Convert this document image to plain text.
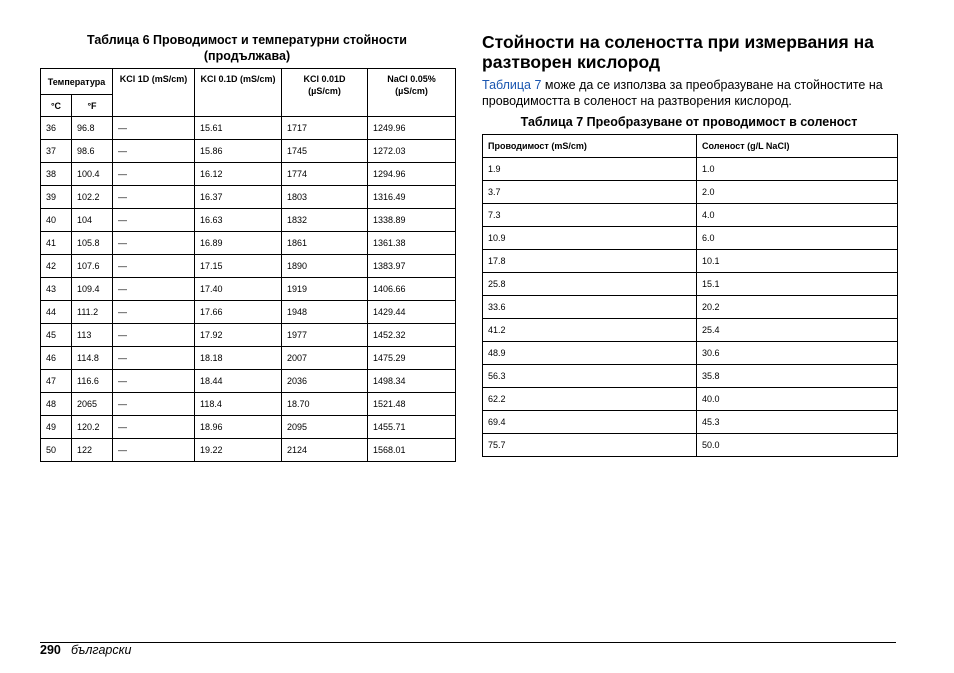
Таблица 6 Проводимост и температурни стойности
(продължава)
Температура		KCl 1D (mS/cm)	KCl 0.1D (mS/cm)	KCl 0.01D (µS/cm)	NaCl 0.05% (µS/cm)
°C	°F				
36	96.8	—	15.61	1717	1249.96
37	98.6	—	15.86	1745	1272.03
38	100.4	—	16.12	1774	1294.96
39	102.2	—	16.37	1803	1316.49
40	104	—	16.63	1832	1338.89
41	105.8	—	16.89	1861	1361.38
42	107.6	—	17.15	1890	1383.97
43	109.4	—	17.40	1919	1406.66
44	111.2	—	17.66	1948	1429.44
45	113	—	17.92	1977	1452.32
46	114.8	—	18.18	2007	1475.29
47	116.6	—	18.44	2036	1498.34
48	2065	—	118.4	18.70	1521.48
49	120.2	—	18.96	2095	1455.71
50	122	—	19.22	2124	1568.01
Стойности на солеността при измервания на
разтворен кислород

Таблица 7 може да се използва за преобразуване на стойностите на
проводимостта в соленост на разтворения кислород.

Таблица 7 Преобразуване от проводимост в соленост
Проводимост (mS/cm)	Соленост (g/L NaCl)
1.9	1.0
3.7	2.0
7.3	4.0
10.9	6.0
17.8	10.1
25.8	15.1
33.6	20.2
41.2	25.4
48.9	30.6
56.3	35.8
62.2	40.0
69.4	45.3
75.7	50.0
290 български
